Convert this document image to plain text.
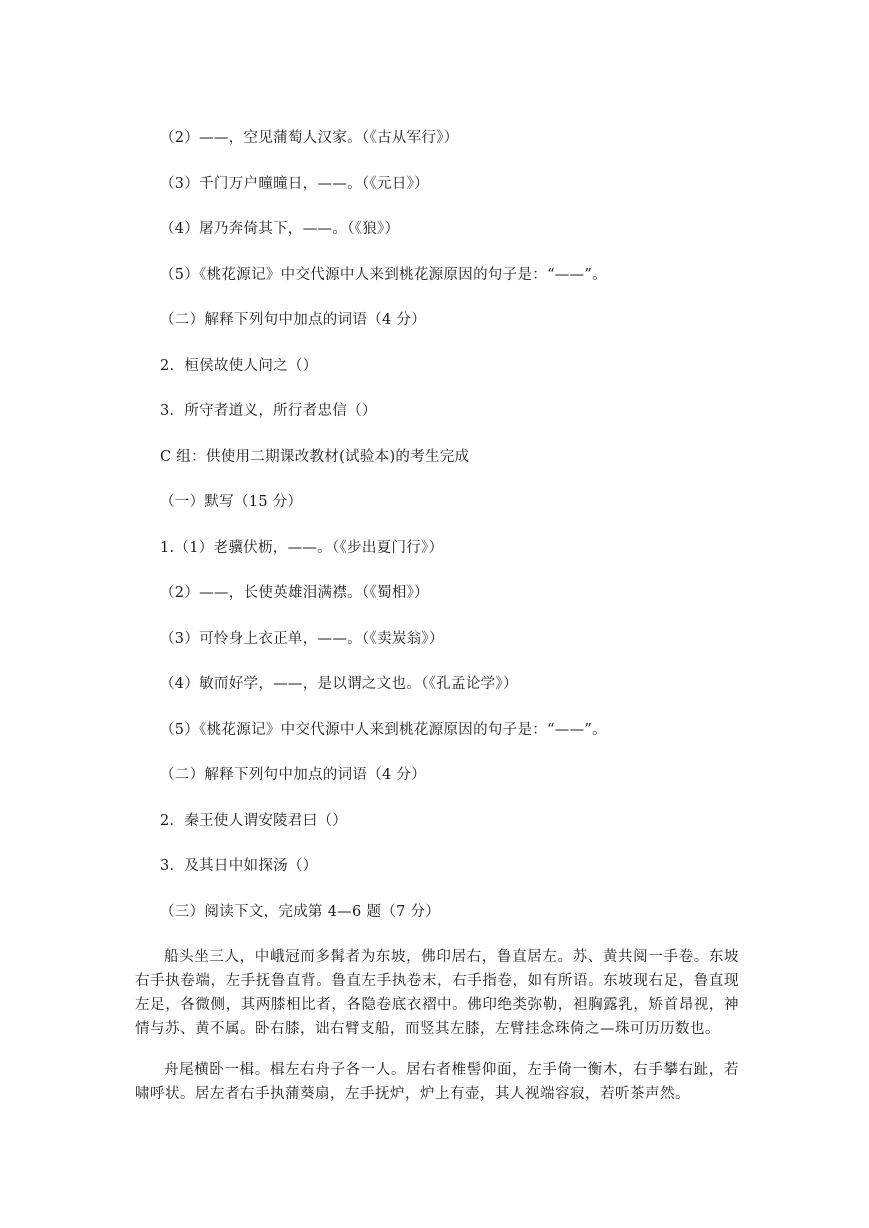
（2）——，空见蒲萄人汉家。（《古从军行》）
（3）千门万户曈曈日，——。（《元日》）
（4）屠乃奔倚其下，——。（《狼》）
（5）《桃花源记》中交代源中人来到桃花源原因的句子是：“——”。
（二）解释下列句中加点的词语（4 分）
2．桓侯故使人问之（）
3．所守者道义，所行者忠信（）
C 组：供使用二期课改教材(试验本)的考生完成
（一）默写（15 分）
1.（1）老骥伏枥，——。（《步出夏门行》）
（2）——，长使英雄泪满襟。（《蜀相》）
（3）可怜身上衣正单，——。（《卖炭翁》）
（4）敏而好学，——，是以谓之文也。（《孔孟论学》）
（5）《桃花源记》中交代源中人来到桃花源原因的句子是：“——”。
（二）解释下列句中加点的词语（4 分）
2．秦王使人谓安陵君曰（）
3．及其日中如探汤（）
（三）阅读下文，完成第 4—6 题（7 分）
船头坐三人，中峨冠而多髯者为东坡，佛印居右，鲁直居左。苏、黄共阅一手卷。东坡右手执卷端，左手抚鲁直背。鲁直左手执卷末，右手指卷，如有所语。东坡现右足，鲁直现左足，各微侧，其两膝相比者，各隐卷底衣褶中。佛印绝类弥勒，袒胸露乳，矫首昂视，神情与苏、黄不属。卧右膝，诎右臂支船，而竖其左膝，左臂挂念珠倚之—珠可历历数也。
舟尾横卧一楫。楫左右舟子各一人。居右者椎髻仰面，左手倚一衡木，右手攀右趾，若啸呼状。居左者右手执蒲葵扇，左手抚炉，炉上有壶，其人视端容寂，若听茶声然。
